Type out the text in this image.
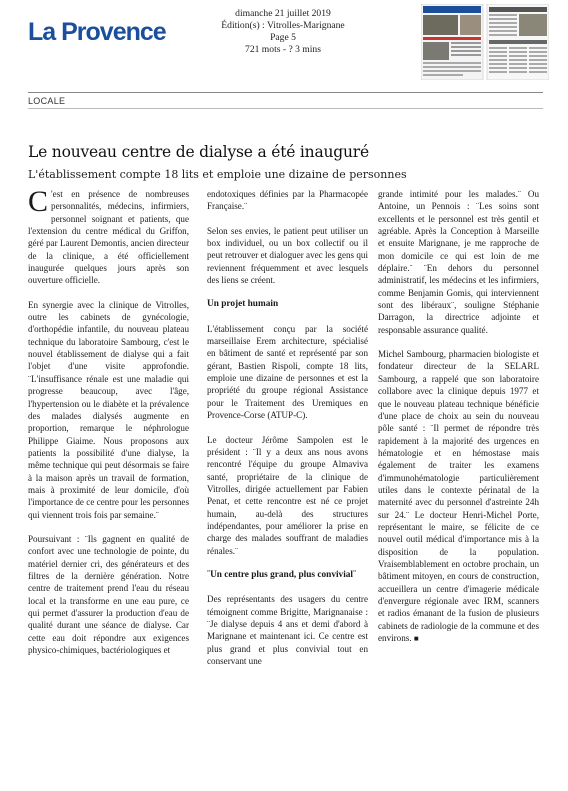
La Provence
dimanche 21 juillet 2019
Édition(s) : Vitrolles-Marignane
Page 5
721 mots - ? 3 mins
LOCALE
Le nouveau centre de dialyse a été inauguré
L'établissement compte 18 lits et emploie une dizaine de personnes

C 'est en présence de nombreuses personnalités, médecins, infirmiers, personnel soignant et patients, que l'extension du centre médical du Griffon, géré par Laurent Demontis, ancien directeur de la clinique, a été officiellement inaugurée quelques jours après son ouverture officielle.

En synergie avec la clinique de Vitrolles, outre les cabinets de gynécologie, d'orthopédie infantile, du nouveau plateau technique du laboratoire Sambourg, c'est le nouvel établissement de dialyse qui a fait l'objet d'une visite approfondie. ¨L'insuffisance rénale est une maladie qui progresse beaucoup, avec l'âge, l'hypertension ou le diabète et la prévalence des malades dialysés augmente en proportion, remarque le néphrologue Philippe Giaime. Nous proposons aux patients la possibilité d'une dialyse, la même technique qui peut désormais se faire à la maison après un travail de formation, mais à proximité de leur domicile, d'où l'importance de ce centre pour les personnes qui viennent trois fois par semaine.¨

Poursuivant : ¨Ils gagnent en qualité de confort avec une technologie de pointe, du matériel dernier cri, des générateurs et des filtres de la dernière génération. Notre centre de traitement prend l'eau du réseau local et la transforme en une eau pure, ce qui permet d'assurer la production d'eau de qualité durant une séance de dialyse. Car cette eau doit répondre aux exigences physico-chimiques, bactériologiques et

endotoxiques définies par la Pharmacopée Française.¨

Selon ses envies, le patient peut utiliser un box individuel, ou un box collectif ou il peut retrouver et dialoguer avec les gens qui reviennent fréquemment et avec lesquels des liens se créent.

Un projet humain

L'établissement conçu par la société marseillaise Erem architecture, spécialisé en bâtiment de santé et représenté par son gérant, Bastien Rispoli, compte 18 lits, emploie une dizaine de personnes et est la propriété du groupe régional Assistance pour le Traitement des Uremiques en Provence-Corse (ATUP-C).

Le docteur Jérôme Sampolen est le président : ¨Il y a deux ans nous avons rencontré l'équipe du groupe Almaviva santé, propriétaire de la clinique de Vitrolles, dirigée actuellement par Fabien Penat, et cette rencontre est né ce projet humain, au-delà des structures indépendantes, pour améliorer la prise en charge des malades souffrant de maladies rénales.¨

¨Un centre plus grand, plus convivial¨

Des représentants des usagers du centre témoignent comme Brigitte, Marignanaise : ¨Je dialyse depuis 4 ans et demi d'abord à Marignane et maintenant ici. Ce centre est plus grand et plus convivial tout en conservant une

grande intimité pour les malades.¨ Ou Antoine, un Pennois : ¨Les soins sont excellents et le personnel est très gentil et agréable. Après la Conception à Marseille et ensuite Marignane, je me rapproche de mon domicile ce qui est loin de me déplaire.¨ ¨En dehors du personnel administratif, les médecins et les infirmiers, comme Benjamin Gomis, qui interviennent sont des libéraux¨, souligne Stéphanie Darragon, la directrice adjointe et responsable assurance qualité.

Michel Sambourg, pharmacien biologiste et fondateur directeur de la SELARL Sambourg, a rappelé que son laboratoire collabore avec la clinique depuis 1977 et que le nouveau plateau technique bénéficie d'une place de choix au sein du nouveau pôle santé : ¨Il permet de répondre très rapidement à la majorité des urgences en hématologie et en hémostase mais également de traiter les examens d'immunohématologie particulièrement utiles dans le contexte périnatal de la maternité avec du personnel d'astreinte 24h sur 24.¨ Le docteur Henri-Michel Porte, représentant le maire, se félicite de ce nouvel outil médical d'importance mis à la disposition de la population. Vraisemblablement en octobre prochain, un bâtiment mitoyen, en cours de construction, accueillera un centre d'imagerie médicale d'envergure régionale avec IRM, scanners et radios émanant de la fusion de plusieurs cabinets de radiologie de la commune et des environs. ■
